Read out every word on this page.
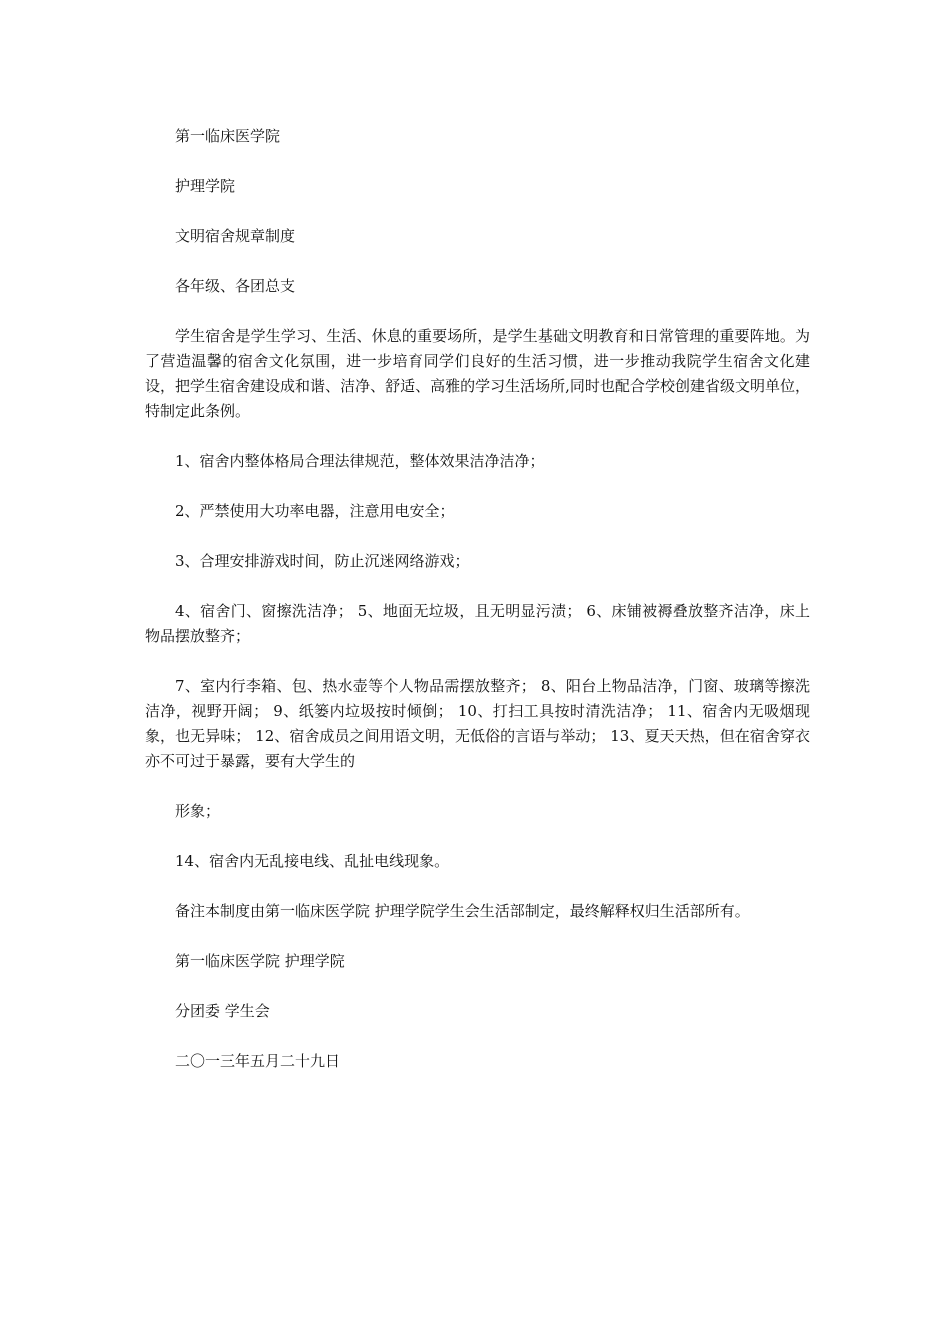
第一临床医学院

护理学院

文明宿舍规章制度

各年级、各团总支

学生宿舍是学生学习、生活、休息的重要场所，是学生基础文明教育和日常管理的重要阵地。为了营造温馨的宿舍文化氛围，进一步培育同学们良好的生活习惯，进一步推动我院学生宿舍文化建设，把学生宿舍建设成和谐、洁净、舒适、高雅的学习生活场所,同时也配合学校创建省级文明单位，特制定此条例。

1、宿舍内整体格局合理法律规范，整体效果洁净洁净；

2、严禁使用大功率电器，注意用电安全；

3、合理安排游戏时间，防止沉迷网络游戏；

4、宿舍门、窗擦洗洁净； 5、地面无垃圾，且无明显污渍； 6、床铺被褥叠放整齐洁净，床上物品摆放整齐；

7、室内行李箱、包、热水壶等个人物品需摆放整齐； 8、阳台上物品洁净，门窗、玻璃等擦洗洁净，视野开阔； 9、纸篓内垃圾按时倾倒； 10、打扫工具按时清洗洁净； 11、宿舍内无吸烟现象，也无异味； 12、宿舍成员之间用语文明，无低俗的言语与举动； 13、夏天天热，但在宿舍穿衣亦不可过于暴露，要有大学生的

形象；

14、宿舍内无乱接电线、乱扯电线现象。

备注本制度由第一临床医学院 护理学院学生会生活部制定，最终解释权归生活部所有。

第一临床医学院 护理学院

分团委 学生会

二〇一三年五月二十九日
